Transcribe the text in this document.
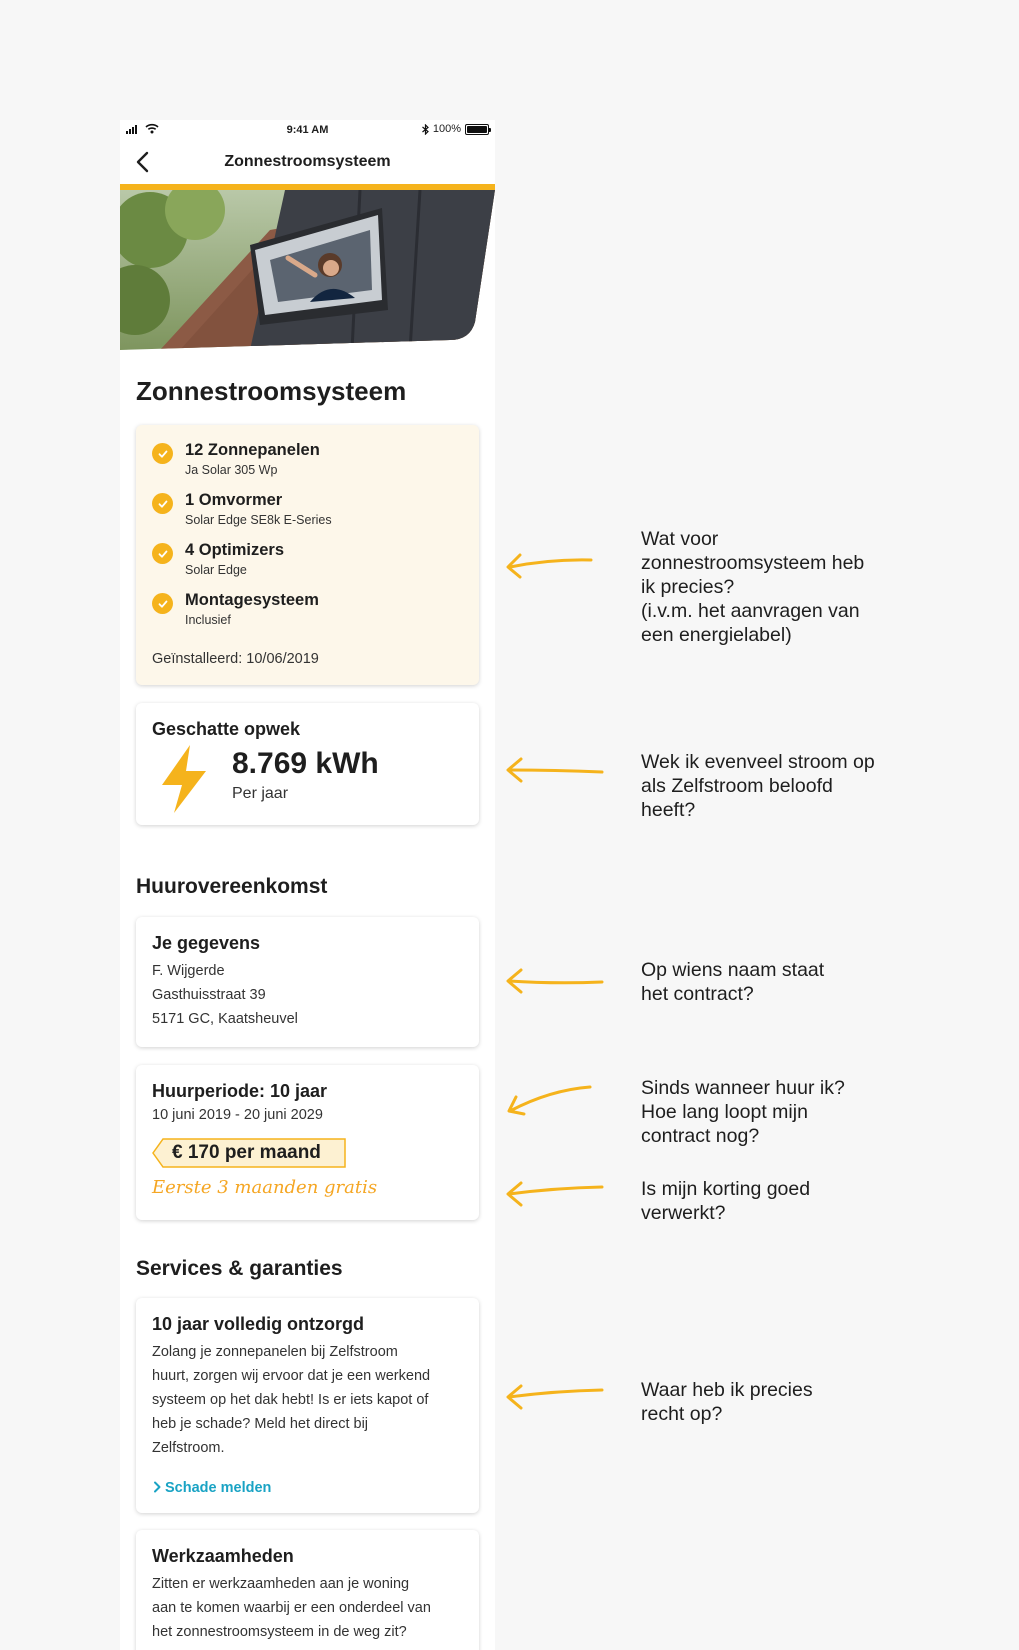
9:41 AM	100%
Zonnestroomsysteem
Zonnestroomsysteem
12 Zonnepanelen
Ja Solar 305 Wp
1 Omvormer
Solar Edge SE8k E-Series
4 Optimizers
Solar Edge
Montagesysteem
Inclusief
Geïnstalleerd: 10/06/2019
Geschatte opwek
8.769 kWh
Per jaar
Huurovereenkomst
Je gegevens
F. Wijgerde
Gasthuisstraat 39
5171 GC, Kaatsheuvel
Huurperiode: 10 jaar
10 juni 2019 - 20 juni 2029
€ 170 per maand
Eerste 3 maanden gratis
Services & garanties
10 jaar volledig ontzorgd
Zolang je zonnepanelen bij Zelfstroom
huurt, zorgen wij ervoor dat je een werkend
systeem op het dak hebt! Is er iets kapot of
heb je schade? Meld het direct bij
Zelfstroom.
Schade melden
Werkzaamheden
Zitten er werkzaamheden aan je woning
aan te komen waarbij er een onderdeel van
het zonnestroomsysteem in de weg zit?
Wat voor
zonnestroomsysteem heb
ik precies?
(i.v.m. het aanvragen van
een energielabel)
Wek ik evenveel stroom op
als Zelfstroom beloofd
heeft?
Op wiens naam staat
het contract?
Sinds wanneer huur ik?
Hoe lang loopt mijn
contract nog?
Is mijn korting goed
verwerkt?
Waar heb ik precies
recht op?
